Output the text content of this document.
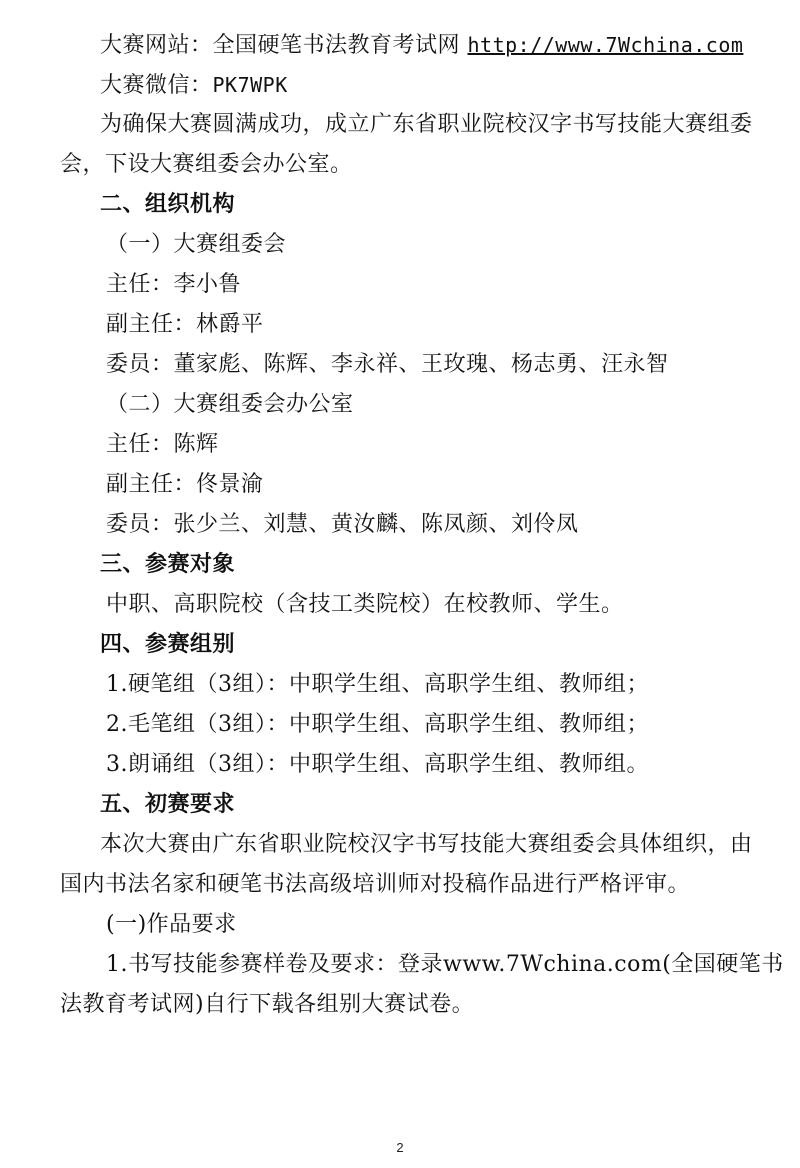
大赛网站：全国硬笔书法教育考试网 http://www.7Wchina.com
大赛微信：PK7WPK
为确保大赛圆满成功，成立广东省职业院校汉字书写技能大赛组委
会，下设大赛组委会办公室。
二、组织机构
（一）大赛组委会
主任：李小鲁
副主任：林爵平
委员：董家彪、陈辉、李永祥、王玫瑰、杨志勇、汪永智
（二）大赛组委会办公室
主任：陈辉
副主任：佟景渝
委员：张少兰、刘慧、黄汝麟、陈凤颜、刘伶凤
三、参赛对象
中职、高职院校（含技工类院校）在校教师、学生。
四、参赛组别
1.硬笔组（3组）：中职学生组、高职学生组、教师组；
2.毛笔组（3组）：中职学生组、高职学生组、教师组；
3.朗诵组（3组）：中职学生组、高职学生组、教师组。
五、初赛要求
本次大赛由广东省职业院校汉字书写技能大赛组委会具体组织，由
国内书法名家和硬笔书法高级培训师对投稿作品进行严格评审。
(一)作品要求
1.书写技能参赛样卷及要求：登录www.7Wchina.com(全国硬笔书
法教育考试网)自行下载各组别大赛试卷。
2
